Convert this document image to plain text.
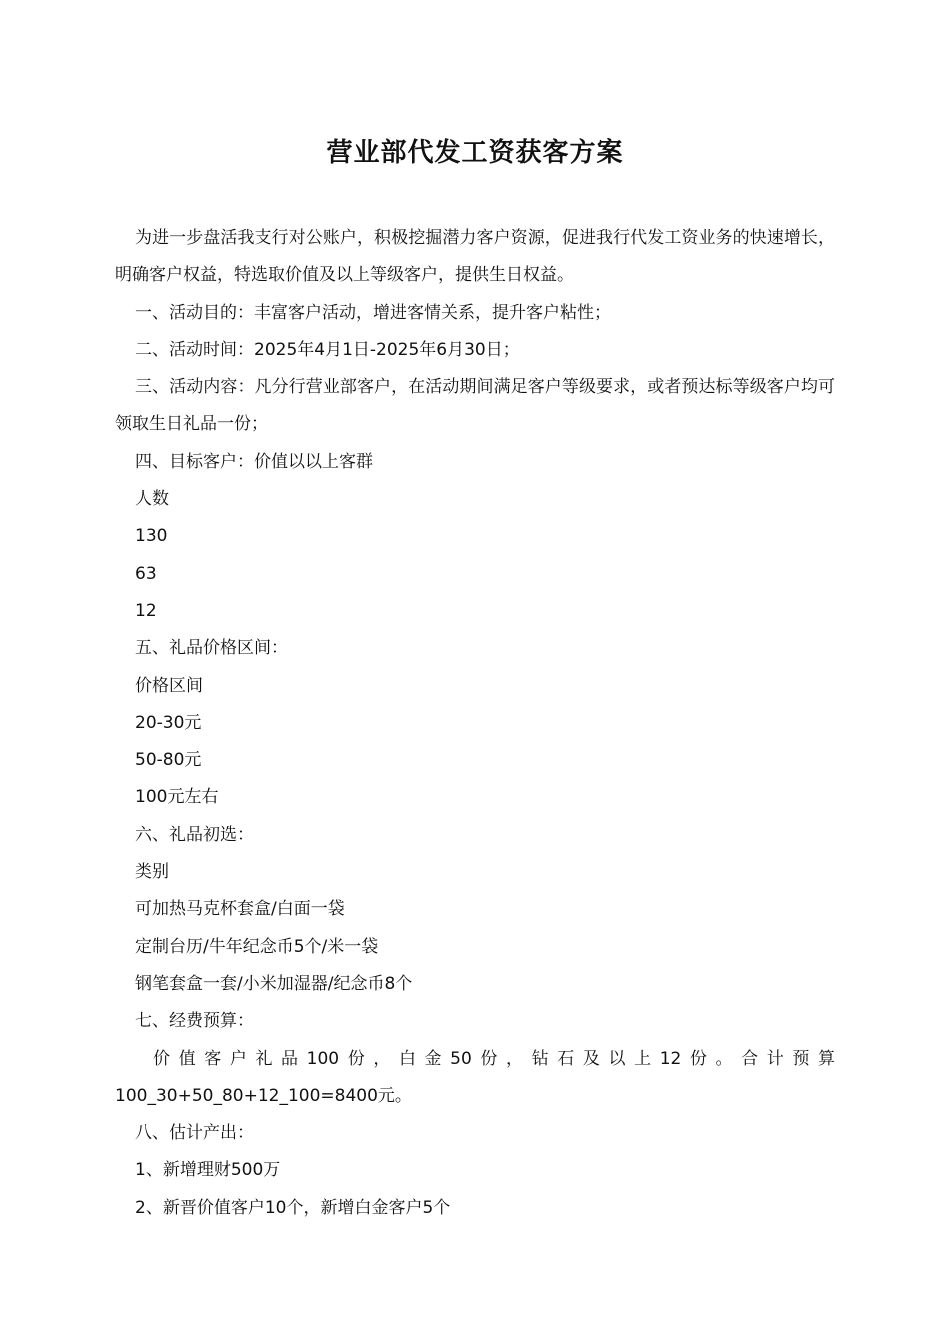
营业部代发工资获客方案

为进一步盘活我支行对公账户，积极挖掘潜力客户资源，促进我行代发工资业务的快速增长，明确客户权益，特选取价值及以上等级客户，提供生日权益。

一、活动目的：丰富客户活动，增进客情关系，提升客户粘性；

二、活动时间：2025年4月1日-2025年6月30日；

三、活动内容：凡分行营业部客户，在活动期间满足客户等级要求，或者预达标等级客户均可领取生日礼品一份；

四、目标客户：价值以以上客群

人数

130

63

12

五、礼品价格区间：

价格区间

20-30元

50-80元

100元左右

六、礼品初选：

类别

可加热马克杯套盒/白面一袋

定制台历/牛年纪念币5个/米一袋

钢笔套盒一套/小米加湿器/纪念币8个

七、经费预算：

价值客户礼品100份，白金50份，钻石及以上12份。合计预算100_30+50_80+12_100=8400元。

八、估计产出：

1、新增理财500万

2、新晋价值客户10个，新增白金客户5个
